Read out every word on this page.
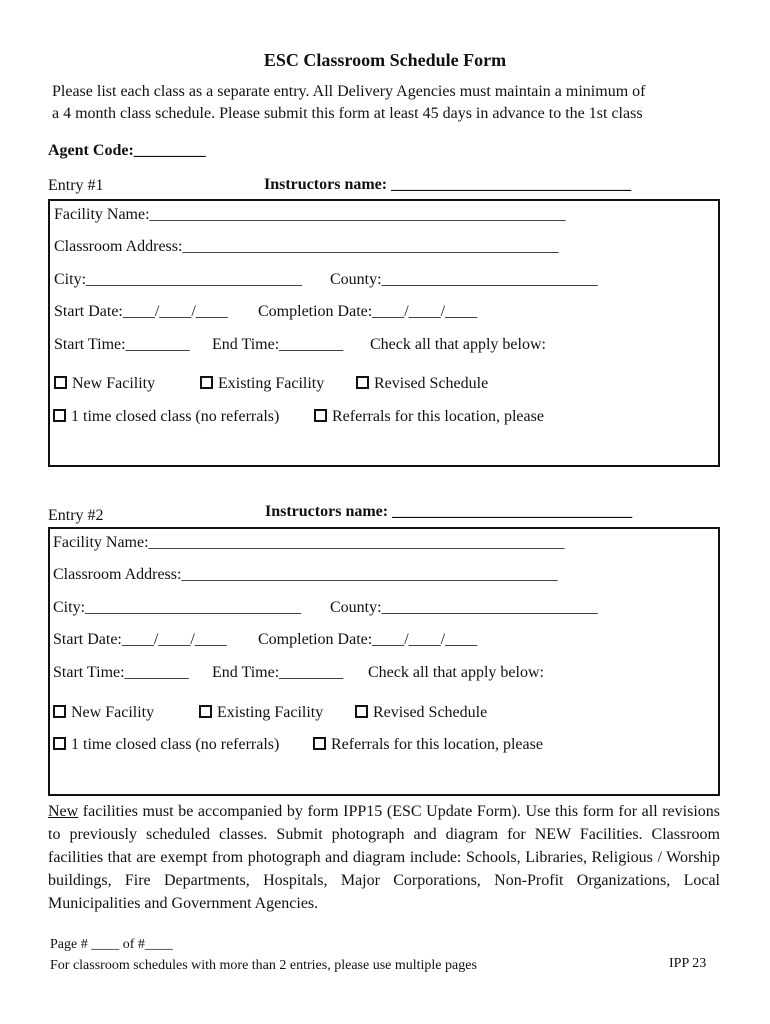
ESC Classroom Schedule Form
Please list each class as a separate entry. All Delivery Agencies must maintain a minimum of
a 4 month class schedule. Please submit this form at least 45 days in advance to the 1st class
Agent Code:_________
Entry #1	Instructors name: ______________________________
Facility Name:____________________________________________________
Classroom Address:_______________________________________________
City:___________________________ County:___________________________
Start Date:____/____/____ Completion Date:____/____/____
Start Time:________ End Time:________ Check all that apply below:
New Facility	Existing Facility	Revised Schedule
1 time closed class (no referrals)	Referrals for this location, please
Entry #2	Instructors name: ______________________________
Facility Name:____________________________________________________
Classroom Address:_______________________________________________
City:___________________________ County:___________________________
Start Date:____/____/____ Completion Date:____/____/____
Start Time:________ End Time:________ Check all that apply below:
New Facility	Existing Facility	Revised Schedule
1 time closed class (no referrals)	Referrals for this location, please
New facilities must be accompanied by form IPP15 (ESC Update Form). Use this form for all revisions to previously scheduled classes. Submit photograph and diagram for NEW Facilities. Classroom facilities that are exempt from photograph and diagram include: Schools, Libraries, Religious / Worship buildings, Fire Departments, Hospitals, Major Corporations, Non-Profit Organizations, Local Municipalities and Government Agencies.
Page # ____ of #____
For classroom schedules with more than 2 entries, please use multiple pages	IPP 23
